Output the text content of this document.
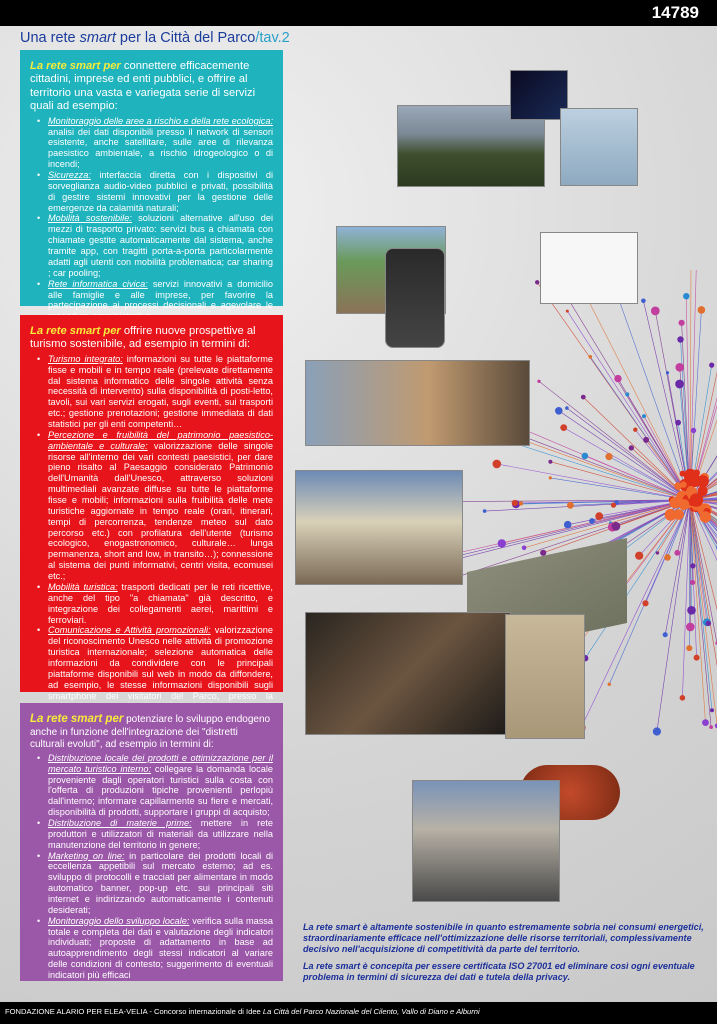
14789
Una rete smart per la Città del Parco/tav.2

La rete smart per connettere efficacemente cittadini, imprese ed enti pubblici, e offrire al territorio una vasta e variegata serie di servizi quali ad esempio:

• Monitoraggio delle aree a rischio e della rete ecologica: analisi dei dati disponibili presso il network di sensori esistente, anche satellitare, sulle aree di rilevanza paesistico ambientale, a rischio idrogeologico o di incendi;
• Sicurezza: interfaccia diretta con i dispositivi di sorveglianza audio-video pubblici e privati, possibilità di gestire sistemi innovativi per la gestione delle emergenze da calamità naturali;
• Mobilità sostenibile: soluzioni alternative all'uso dei mezzi di trasporto privato: servizi bus a chiamata con chiamate gestite automaticamente dal sistema, anche tramite app, con tragitti porta-a-porta particolarmente adatti agli utenti con mobilità problematica; car sharing ; car pooling;
• Rete informatica civica: servizi innovativi a domicilio alle famiglie e alle imprese, per favorire la partecipazione ai processi decisionali e agevolare le

La rete smart per offrire nuove prospettive al turismo sostenibile, ad esempio in termini di:

• Turismo integrato: informazioni su tutte le piattaforme fisse e mobili e in tempo reale (prelevate direttamente dal sistema informatico delle singole attività senza necessità di intervento) sulla disponibilità di posti-letto, tavoli, sui vari servizi erogati, sugli eventi, sui trasporti etc.; gestione prenotazioni; gestione immediata di dati statistici per gli enti competenti…
• Percezione e fruibilità del patrimonio paesistico-ambientale e culturale: valorizzazione delle singole risorse all'interno dei vari contesti paesistici, per dare pieno risalto al Paesaggio considerato Patrimonio dell'Umanità dall'Unesco, attraverso soluzioni multimediali avanzate diffuse su tutte le piattaforme fisse e mobili; informazioni sulla fruibilità delle mete turistiche aggiornate in tempo reale (orari, itinerari, tempi di percorrenza, tendenze meteo sul dato percorso etc.) con profilatura dell'utente (turismo ecologico, enogastronomico, culturale… lunga permanenza, short and low, in transito…); connessione al sistema dei punti informativi, centri visita, ecomusei etc.;
• Mobilità turistica: trasporti dedicati per le reti ricettive, anche del tipo "a chiamata" già descritto, e integrazione dei collegamenti aerei, marittimi e ferroviari.
• Comunicazione e Attività promozionali: valorizzazione del riconoscimento Unesco nelle attività di promozione turistica internazionale; selezione automatica delle informazioni da condividere con le principali piattaforme disponibili sul web in modo da diffondere, ad esempio, le stesse informazioni disponibili sugli smartphone dei visitatori del Parco, presso la

La rete smart per potenziare lo sviluppo endogeno anche in funzione dell'integrazione dei "distretti culturali evoluti", ad esempio in termini di:

• Distribuzione locale dei prodotti e ottimizzazione per il mercato turistico interno: collegare la domanda locale proveniente dagli operatori turistici sulla costa con l'offerta di produzioni tipiche provenienti perlopiù dall'interno; informare capillarmente su fiere e mercati, disponibilità di prodotti, supportare i gruppi di acquisto;
• Distribuzione di materie prime: mettere in rete produttori e utilizzatori di materiali da utilizzare nella manutenzione del territorio in genere;
• Marketing on line: in particolare dei prodotti locali di eccellenza appetibili sul mercato esterno; ad es. sviluppo di protocolli e tracciati per alimentare in modo automatico banner, pop-up etc. sui principali siti internet e indirizzando automaticamente i contenuti desiderati;
• Monitoraggio dello sviluppo locale: verifica sulla massa totale e completa dei dati e valutazione degli indicatori individuati; proposte di adattamento in base ad autoapprendimento degli stessi indicatori al variare delle condizioni di contesto; suggerimento di eventuali indicatori più efficaci

La rete smart è altamente sostenibile in quanto estremamente sobria nei consumi energetici, straordinariamente efficace nell'ottimizzazione delle risorse territoriali, complessivamente decisivo nell'acquisizione di competitività da parte del territorio.

La rete smart è concepita per essere certificata ISO 27001 ed eliminare così ogni eventuale problema in termini di sicurezza dei dati e tutela della privacy.

FONDAZIONE ALARIO PER ELEA-VELIA - Concorso internazionale di Idee La Città del Parco Nazionale del Cilento, Vallo di Diano e Alburni
